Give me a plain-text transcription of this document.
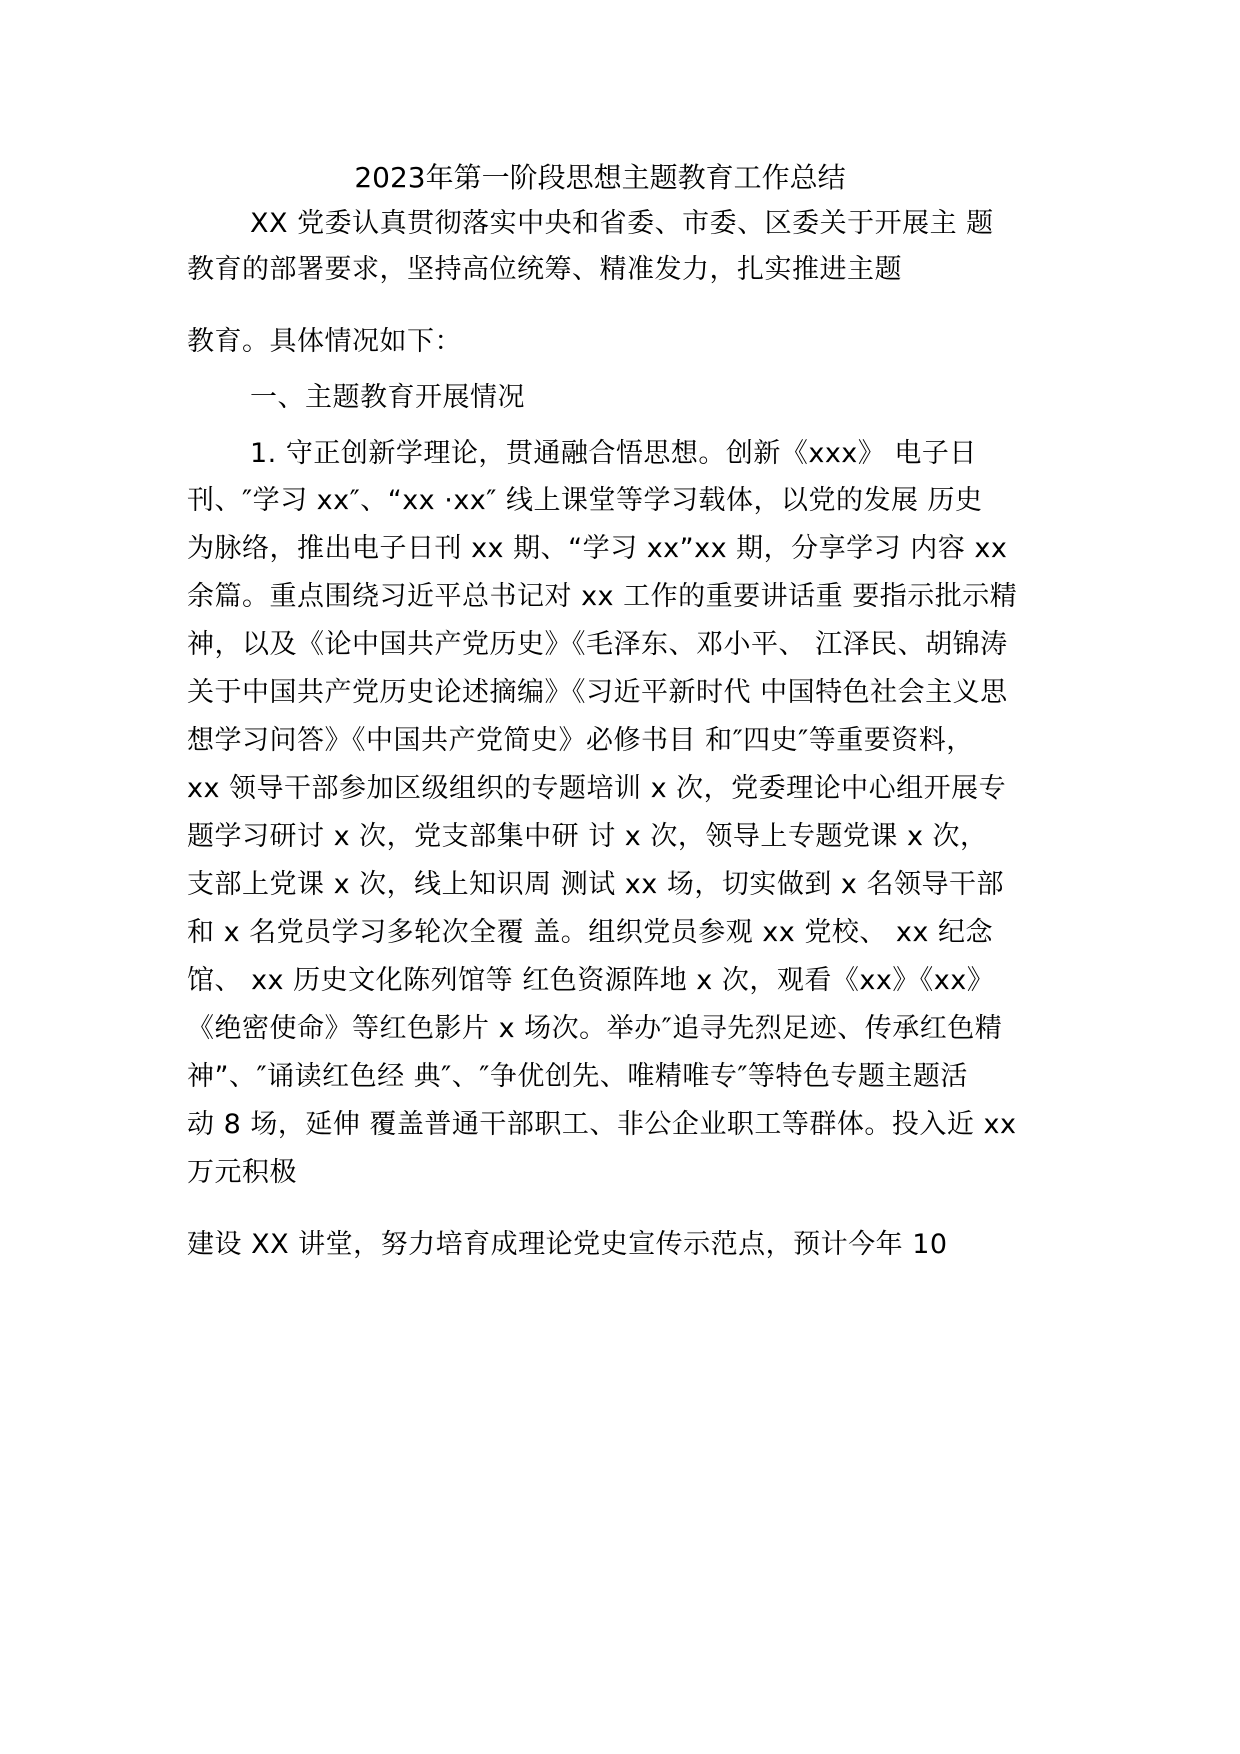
2023年第一阶段思想主题教育工作总结
XX 党委认真贯彻落实中央和省委、市委、区委关于开展主 题
教育的部署要求，坚持高位统筹、精准发力，扎实推进主题
教育。具体情况如下：
一、主题教育开展情况
1. 守正创新学理论，贯通融合悟思想。创新《xxx》 电子日
刊、″学习 xx″、“xx ·xx″ 线上课堂等学习载体，以党的发展 历史
为脉络，推出电子日刊 xx 期、“学习 xx”xx 期，分享学习 内容 xx
余篇。重点围绕习近平总书记对 xx 工作的重要讲话重 要指示批示精
神，以及《论中国共产党历史》《毛泽东、邓小平、 江泽民、胡锦涛
关于中国共产党历史论述摘编》《习近平新时代 中国特色社会主义思
想学习问答》《中国共产党简史》必修书目 和″四史″等重要资料，
xx 领导干部参加区级组织的专题培训 x 次，党委理论中心组开展专
题学习研讨 x 次，党支部集中研 讨 x 次，领导上专题党课 x 次，
支部上党课 x 次，线上知识周 测试 xx 场，切实做到 x 名领导干部
和 x 名党员学习多轮次全覆 盖。组织党员参观 xx 党校、 xx 纪念
馆、 xx 历史文化陈列馆等 红色资源阵地 x 次，观看《xx》《xx》
《绝密使命》等红色影片 x 场次。举办″追寻先烈足迹、传承红色精
神”、″诵读红色经 典″、″争优创先、唯精唯专″等特色专题主题活
动 8 场，延伸 覆盖普通干部职工、非公企业职工等群体。投入近 xx
万元积极
建设 XX 讲堂，努力培育成理论党史宣传示范点，预计今年 10
